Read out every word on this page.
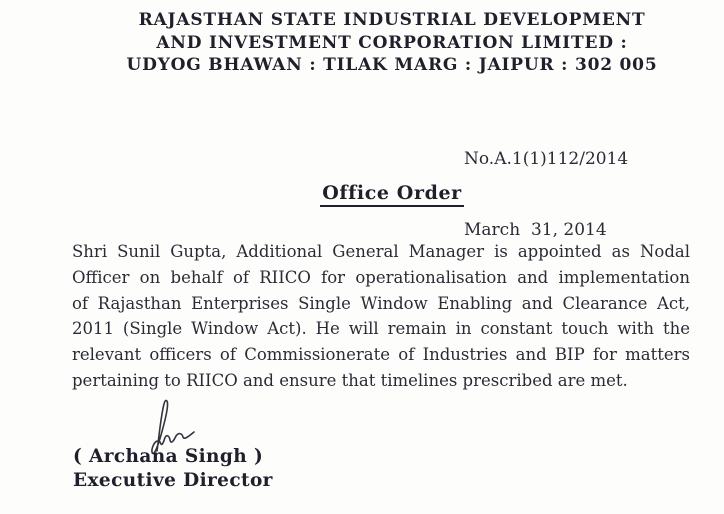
RAJASTHAN STATE INDUSTRIAL DEVELOPMENT
AND INVESTMENT CORPORATION LIMITED :
UDYOG BHAWAN : TILAK MARG : JAIPUR : 302 005

No.A.1(1)112/2014

March  31, 2014

Office Order
Shri Sunil Gupta, Additional General Manager is appointed as Nodal
Officer on behalf of RIICO for operationalisation and implementation
of Rajasthan Enterprises Single Window Enabling and Clearance Act,
2011 (Single Window Act). He will remain in constant touch with the
relevant officers of Commissionerate of Industries and BIP for matters
pertaining to RIICO and ensure that timelines prescribed are met.
( Archana Singh )
Executive Director
